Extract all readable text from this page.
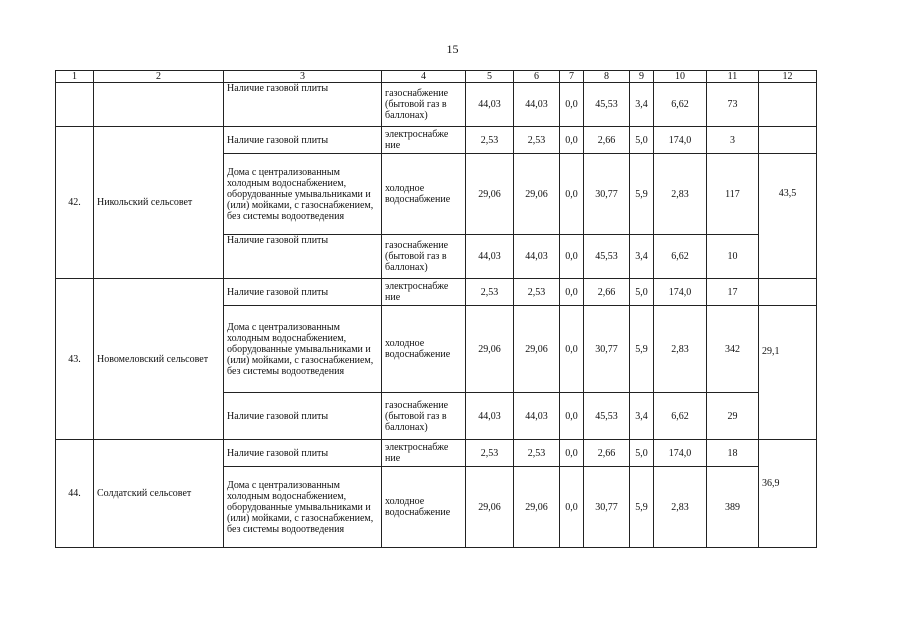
15
1	2	3	4	5	6	7	8	9	10	11	12
		Наличие газовой плиты	газоснабжение (бытовой газ в баллонах)	44,03	44,03	0,0	45,53	3,4	6,62	73	
42.	Никольский сельсовет	Наличие газовой плиты	электроснабже ние	2,53	2,53	0,0	2,66	5,0	174,0	3	
		Дома с централизованным холодным водоснабжением, оборудованные умывальниками и (или) мойками, с газоснабжением, без системы водоотведения	холодное водоснабжение	29,06	29,06	0,0	30,77	5,9	2,83	117	43,5
		Наличие газовой плиты	газоснабжение (бытовой газ в баллонах)	44,03	44,03	0,0	45,53	3,4	6,62	10	
43.	Новомеловский сельсовет	Наличие газовой плиты	электроснабже ние	2,53	2,53	0,0	2,66	5,0	174,0	17	
		Дома с централизованным холодным водоснабжением, оборудованные умывальниками и (или) мойками, с газоснабжением, без системы водоотведения	холодное водоснабжение	29,06	29,06	0,0	30,77	5,9	2,83	342	29,1
		Наличие газовой плиты	газоснабжение (бытовой газ в баллонах)	44,03	44,03	0,0	45,53	3,4	6,62	29	
44.	Солдатский сельсовет	Наличие газовой плиты	электроснабже ние	2,53	2,53	0,0	2,66	5,0	174,0	18	36,9
		Дома с централизованным холодным водоснабжением, оборудованные умывальниками и (или) мойками, с газоснабжением, без системы водоотведения	холодное водоснабжение	29,06	29,06	0,0	30,77	5,9	2,83	389	
